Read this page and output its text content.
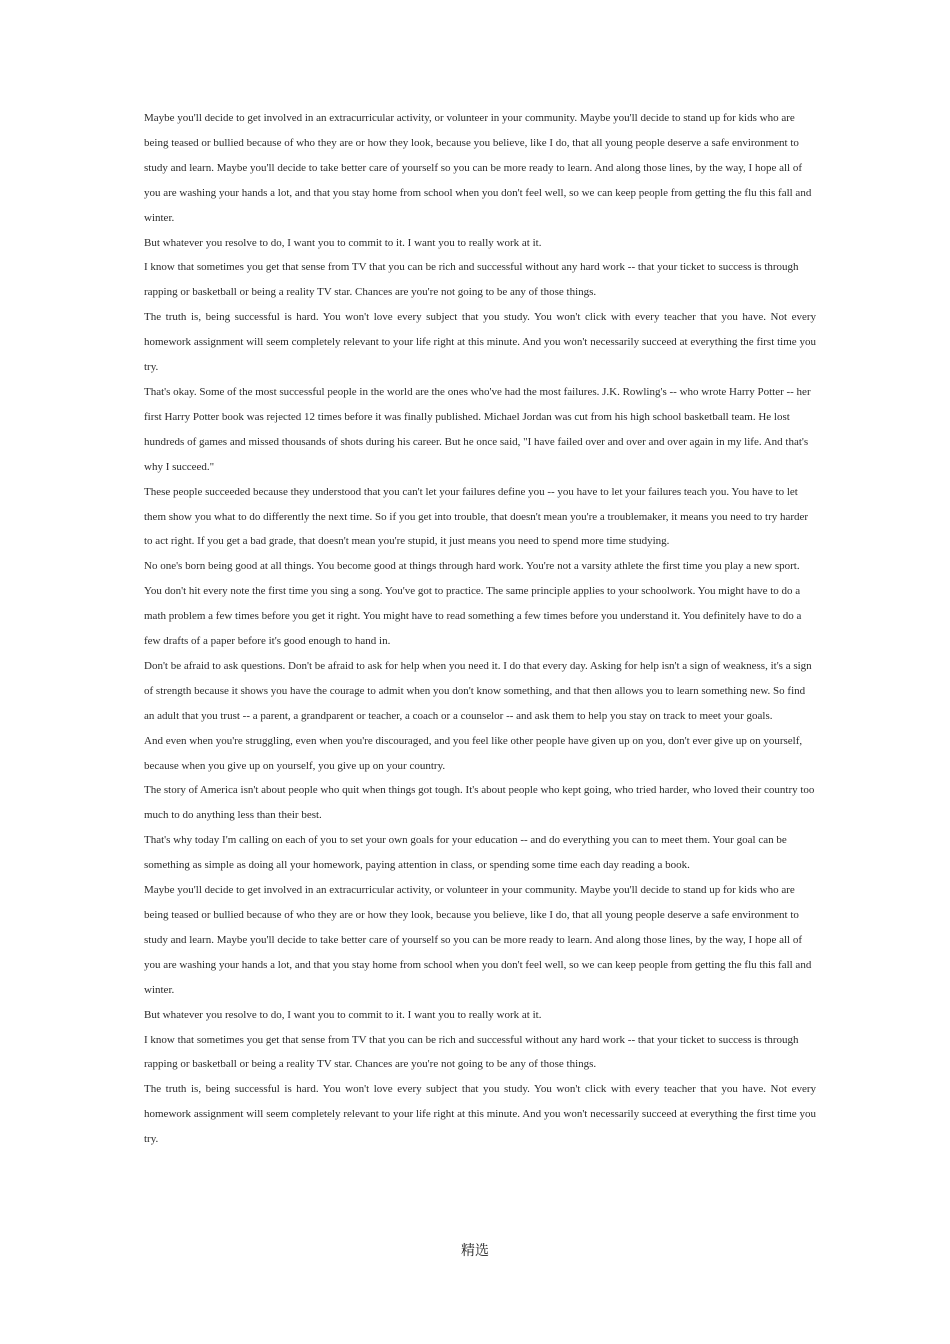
Maybe you'll decide to get involved in an extracurricular activity, or volunteer in your community. Maybe you'll decide to stand up for kids who are being teased or bullied because of who they are or how they look, because you believe, like I do, that all young people deserve a safe environment to study and learn. Maybe you'll decide to take better care of yourself so you can be more ready to learn. And along those lines, by the way, I hope all of you are washing your hands a lot, and that you stay home from school when you don't feel well, so we can keep people from getting the flu this fall and winter.

But whatever you resolve to do, I want you to commit to it. I want you to really work at it.

I know that sometimes you get that sense from TV that you can be rich and successful without any hard work -- that your ticket to success is through rapping or basketball or being a reality TV star. Chances are you're not going to be any of those things.

The truth is, being successful is hard. You won't love every subject that you study. You won't click with every teacher that you have. Not every homework assignment will seem completely relevant to your life right at this minute. And you won't necessarily succeed at everything the first time you try.

That's okay. Some of the most successful people in the world are the ones who've had the most failures. J.K. Rowling's -- who wrote Harry Potter -- her first Harry Potter book was rejected 12 times before it was finally published. Michael Jordan was cut from his high school basketball team. He lost hundreds of games and missed thousands of shots during his career. But he once said, "I have failed over and over and over again in my life. And that's why I succeed."

These people succeeded because they understood that you can't let your failures define you -- you have to let your failures teach you. You have to let them show you what to do differently the next time. So if you get into trouble, that doesn't mean you're a troublemaker, it means you need to try harder to act right. If you get a bad grade, that doesn't mean you're stupid, it just means you need to spend more time studying.

No one's born being good at all things. You become good at things through hard work. You're not a varsity athlete the first time you play a new sport. You don't hit every note the first time you sing a song. You've got to practice. The same principle applies to your schoolwork. You might have to do a math problem a few times before you get it right. You might have to read something a few times before you understand it. You definitely have to do a few drafts of a paper before it's good enough to hand in.

Don't be afraid to ask questions. Don't be afraid to ask for help when you need it. I do that every day. Asking for help isn't a sign of weakness, it's a sign of strength because it shows you have the courage to admit when you don't know something, and that then allows you to learn something new. So find an adult that you trust -- a parent, a grandparent or teacher, a coach or a counselor -- and ask them to help you stay on track to meet your goals.

And even when you're struggling, even when you're discouraged, and you feel like other people have given up on you, don't ever give up on yourself, because when you give up on yourself, you give up on your country.

The story of America isn't about people who quit when things got tough. It's about people who kept going, who tried harder, who loved their country too much to do anything less than their best.

That's why today I'm calling on each of you to set your own goals for your education -- and do everything you can to meet them. Your goal can be something as simple as doing all your homework, paying attention in class, or spending some time each day reading a book.

Maybe you'll decide to get involved in an extracurricular activity, or volunteer in your community. Maybe you'll decide to stand up for kids who are being teased or bullied because of who they are or how they look, because you believe, like I do, that all young people deserve a safe environment to study and learn. Maybe you'll decide to take better care of yourself so you can be more ready to learn. And along those lines, by the way, I hope all of you are washing your hands a lot, and that you stay home from school when you don't feel well, so we can keep people from getting the flu this fall and winter.

But whatever you resolve to do, I want you to commit to it. I want you to really work at it.

I know that sometimes you get that sense from TV that you can be rich and successful without any hard work -- that your ticket to success is through rapping or basketball or being a reality TV star. Chances are you're not going to be any of those things.

The truth is, being successful is hard. You won't love every subject that you study. You won't click with every teacher that you have. Not every homework assignment will seem completely relevant to your life right at this minute. And you won't necessarily succeed at everything the first time you try.

精选
